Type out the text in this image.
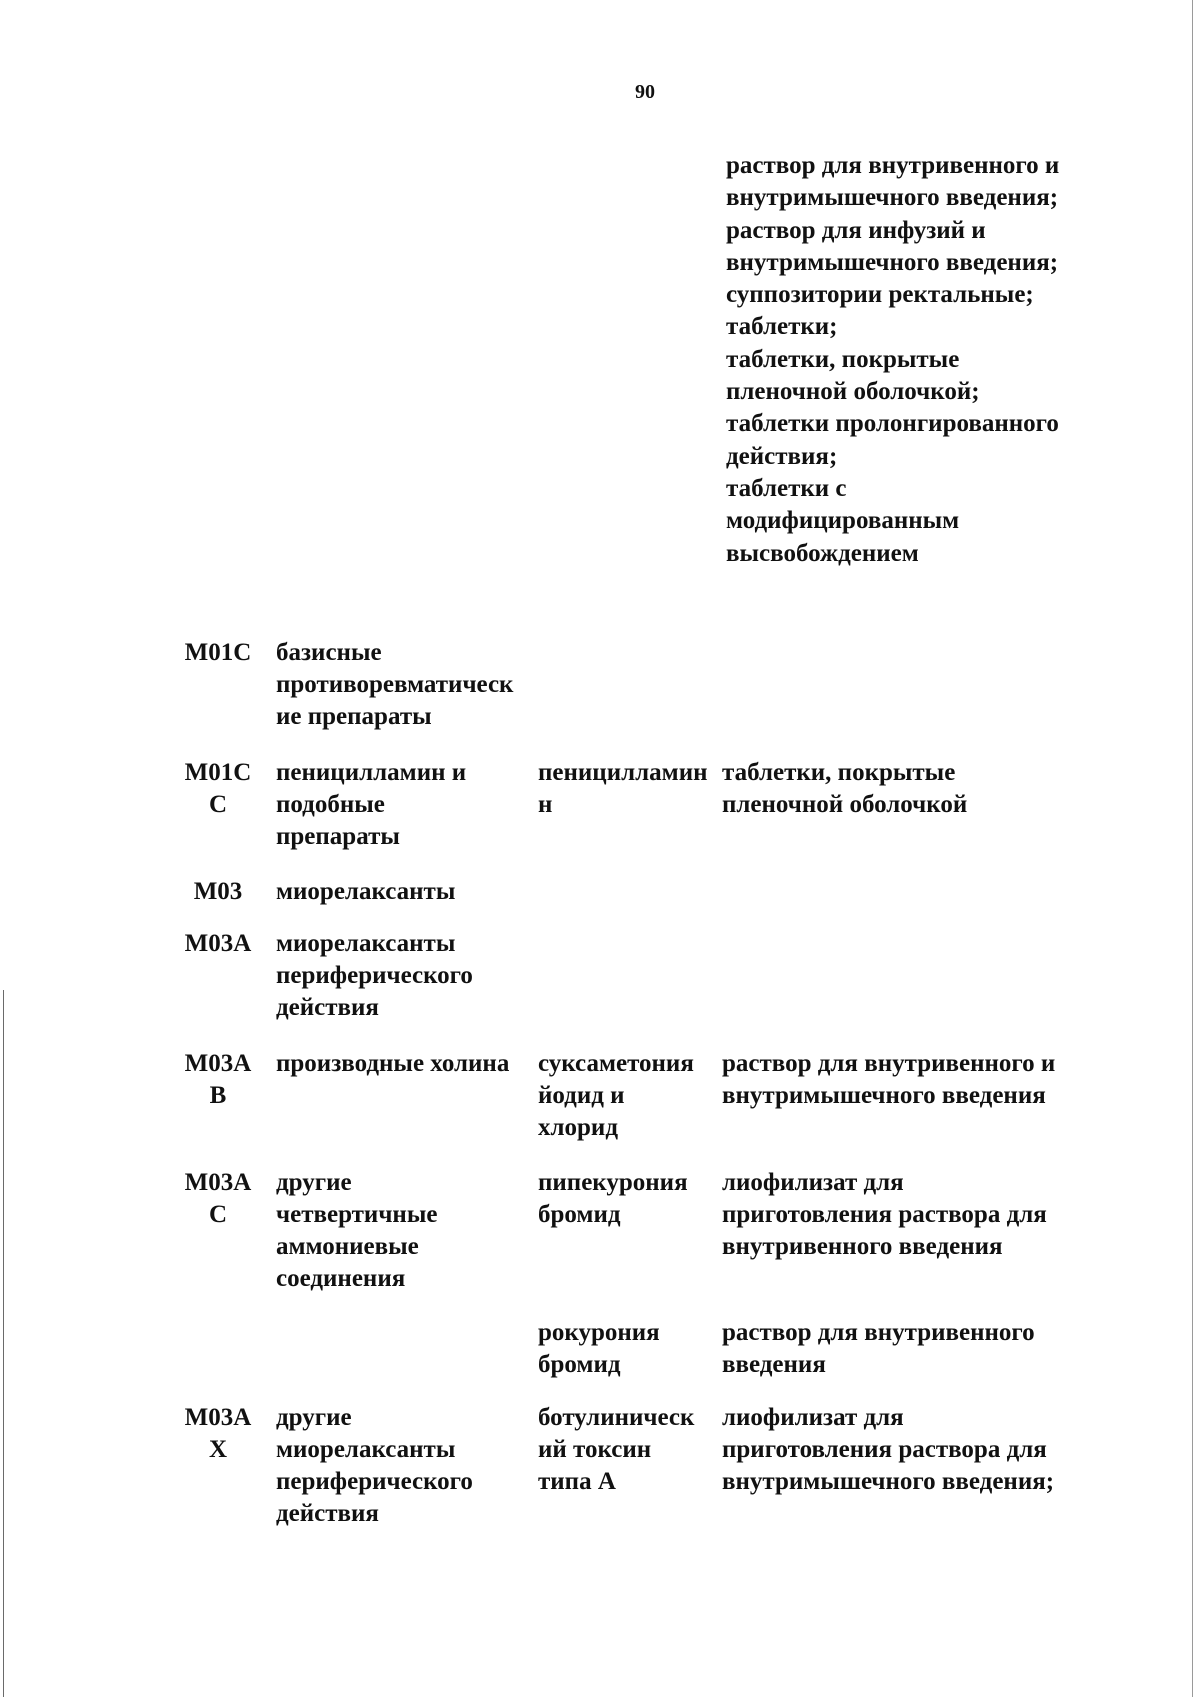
90
раствор для внутривенного и
внутримышечного введения;
раствор для инфузий и
внутримышечного введения;
суппозитории ректальные;
таблетки;
таблетки, покрытые
пленочной оболочкой;
таблетки пролонгированного
действия;
таблетки с
модифицированным
высвобождением
M01C базисные
противоревматическ
ие препараты
M01C
C
пеницилламин и
подобные
препараты
пеницилламин
н
таблетки, покрытые
пленочной оболочкой
M03	миорелаксанты
M03A миорелаксанты
периферического
действия
M03A
B
производные холина	суксаметония
йодид и
хлорид
раствор для внутривенного и
внутримышечного введения
M03A
C
другие
четвертичные
аммониевые
соединения
пипекурония
бромид
лиофилизат для
приготовления раствора для
внутривенного введения
рокурония
бромид
раствор для внутривенного
введения
M03A
X
другие
миорелаксанты
периферического
действия
ботулиническ
ий токсин
типа А
лиофилизат для
приготовления раствора для
внутримышечного введения;
